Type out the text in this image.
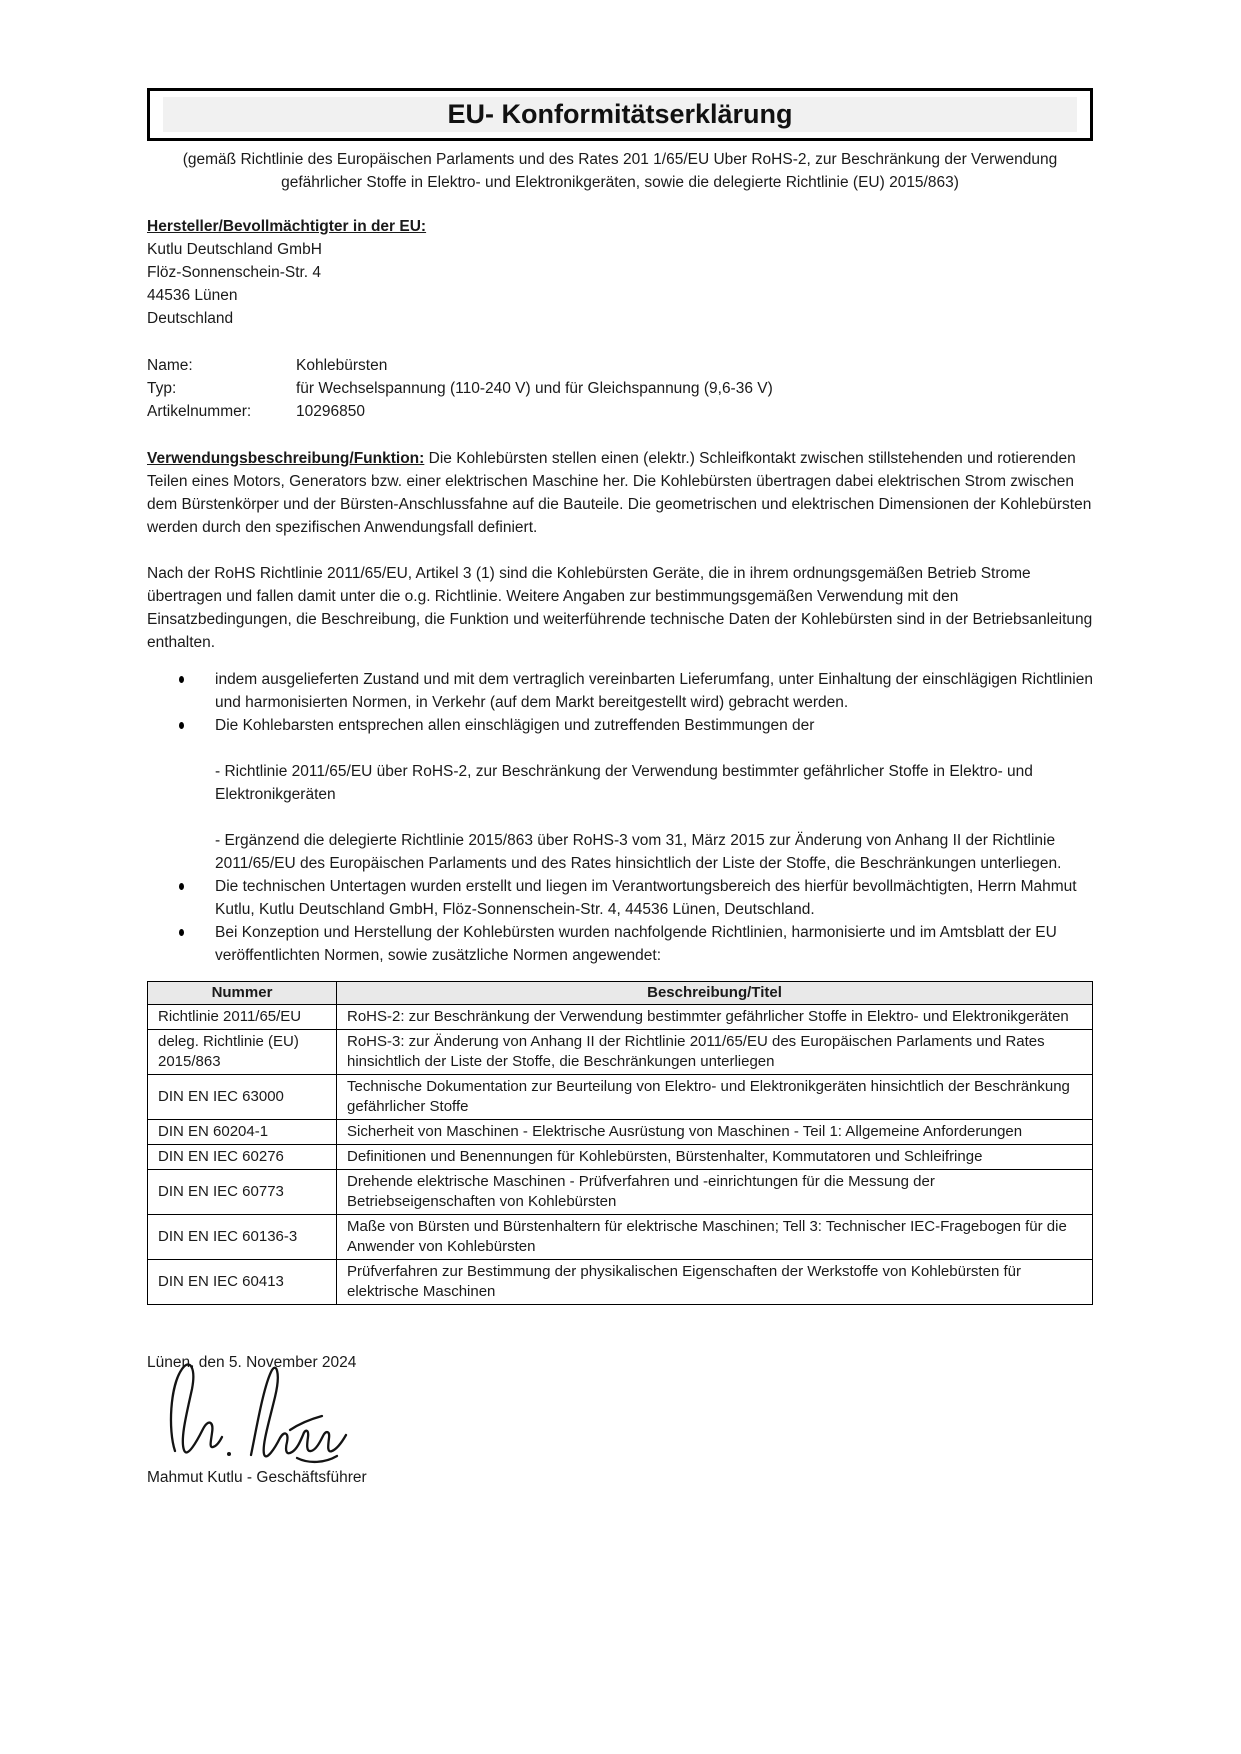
EU- Konformitätserklärung

(gemäß Richtlinie des Europäischen Parlaments und des Rates 201 1/65/EU Uber RoHS-2, zur Beschränkung der Verwendung gefährlicher Stoffe in Elektro- und Elektronikgeräten, sowie die delegierte Richtlinie (EU) 2015/863)

Hersteller/Bevollmächtigter in der EU:

Kutlu Deutschland GmbH

Flöz-Sonnenschein-Str. 4

44536 Lünen

Deutschland

Name:	Kohlebürsten
Typ:	für Wechselspannung (110-240 V) und für Gleichspannung (9,6-36 V)
Artikelnummer:	10296850

Verwendungsbeschreibung/Funktion: Die Kohlebürsten stellen einen (elektr.) Schleifkontakt zwischen stillstehenden und rotierenden Teilen eines Motors, Generators bzw. einer elektrischen Maschine her. Die Kohlebürsten übertragen dabei elektrischen Strom zwischen dem Bürstenkörper und der Bürsten-Anschlussfahne auf die Bauteile. Die geometrischen und elektrischen Dimensionen der Kohlebürsten werden durch den spezifischen Anwendungsfall definiert.

Nach der RoHS Richtlinie 2011/65/EU, Artikel 3 (1) sind die Kohlebürsten Geräte, die in ihrem ordnungsgemäßen Betrieb Strome übertragen und fallen damit unter die o.g. Richtlinie. Weitere Angaben zur bestimmungsgemäßen Verwendung mit den Einsatzbedingungen, die Beschreibung, die Funktion und weiterführende technische Daten der Kohlebürsten sind in der Betriebsanleitung enthalten.

indem ausgelieferten Zustand und mit dem vertraglich vereinbarten Lieferumfang, unter Einhaltung der einschlägigen Richtlinien und harmonisierten Normen, in Verkehr (auf dem Markt bereitgestellt wird) gebracht werden.
Die Kohlebarsten entsprechen allen einschlägigen und zutreffenden Bestimmungen der

- Richtlinie 2011/65/EU über RoHS-2, zur Beschränkung der Verwendung bestimmter gefährlicher Stoffe in Elektro- und Elektronikgeräten

- Ergänzend die delegierte Richtlinie 2015/863 über RoHS-3 vom 31, März 2015 zur Änderung von Anhang II der Richtlinie 2011/65/EU des Europäischen Parlaments und des Rates hinsichtlich der Liste der Stoffe, die Beschränkungen unterliegen.

Die technischen Untertagen wurden erstellt und liegen im Verantwortungsbereich des hierfür bevollmächtigten, Herrn Mahmut Kutlu, Kutlu Deutschland GmbH, Flöz-Sonnenschein-Str. 4, 44536 Lünen, Deutschland.
Bei Konzeption und Herstellung der Kohlebürsten wurden nachfolgende Richtlinien, harmonisierte und im Amtsblatt der EU veröffentlichten Normen, sowie zusätzliche Normen angewendet:
Nummer	Beschreibung/Titel
Richtlinie 2011/65/EU	RoHS-2: zur Beschränkung der Verwendung bestimmter gefährlicher Stoffe in Elektro- und Elektronikgeräten
deleg. Richtlinie (EU) 2015/863	RoHS-3: zur Änderung von Anhang II der Richtlinie 2011/65/EU des Europäischen Parlaments und Rates hinsichtlich der Liste der Stoffe, die Beschränkungen unterliegen
DIN EN IEC 63000	Technische Dokumentation zur Beurteilung von Elektro- und Elektronikgeräten hinsichtlich der Beschränkung gefährlicher Stoffe
DIN EN 60204-1	Sicherheit von Maschinen - Elektrische Ausrüstung von Maschinen - Teil 1: Allgemeine Anforderungen
DIN EN IEC 60276	Definitionen und Benennungen für Kohlebürsten, Bürstenhalter, Kommutatoren und Schleifringe
DIN EN IEC 60773	Drehende elektrische Maschinen - Prüfverfahren und -einrichtungen für die Messung der Betriebseigenschaften von Kohlebürsten
DIN EN IEC 60136-3	Maße von Bürsten und Bürstenhaltern für elektrische Maschinen; Tell 3: Technischer IEC-Fragebogen für die Anwender von Kohlebürsten
DIN EN IEC 60413	Prüfverfahren zur Bestimmung der physikalischen Eigenschaften der Werkstoffe von Kohlebürsten für elektrische Maschinen

Lünen, den 5. November 2024

Mahmut Kutlu - Geschäftsführer
